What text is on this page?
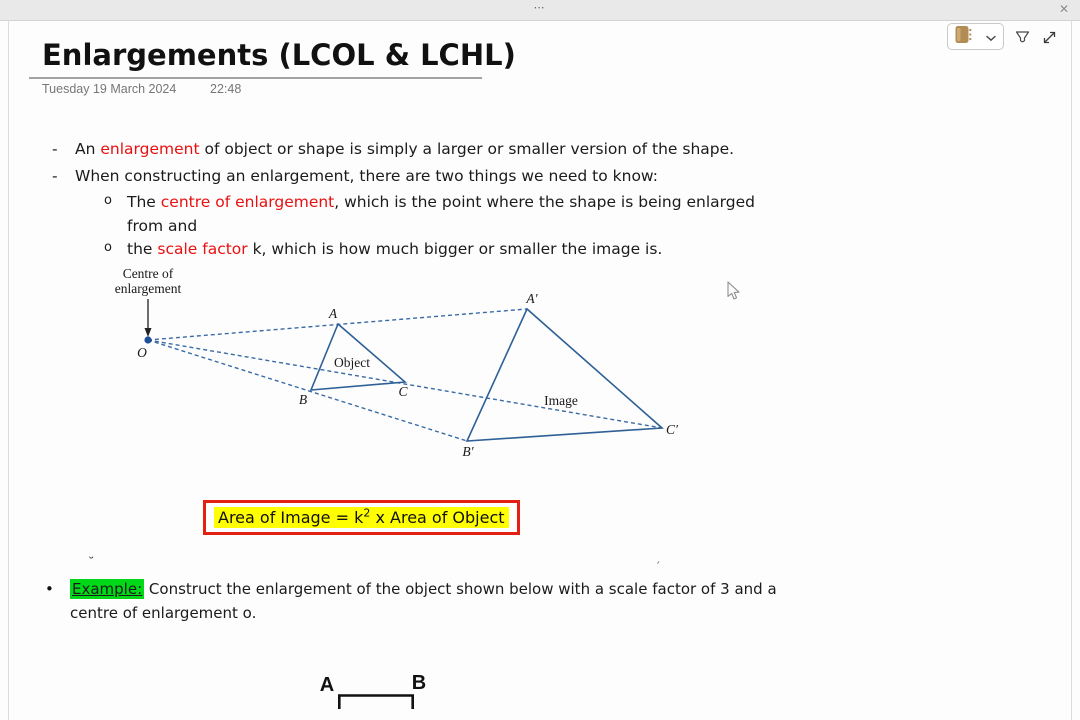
⋯	✕
Enlargements (LCOL & LCHL)
Tuesday 19 March 2024	22:48
-	An enlargement of object or shape is simply a larger or smaller version of the shape.
-	When constructing an enlargement, there are two things we need to know:
o The centre of enlargement, which is the point where the shape is being enlarged from and
o the scale factor k, which is how much bigger or smaller the image is.
Centre of
enlargement
O
A
B
C
A′
B′
C′
Object
Image
Area of Image = $k^2$ x Area of Object
˘	ˊ
• Example: Construct the enlargement of the object shown below with a scale factor of 3 and a centre of enlargement o.
A	B
